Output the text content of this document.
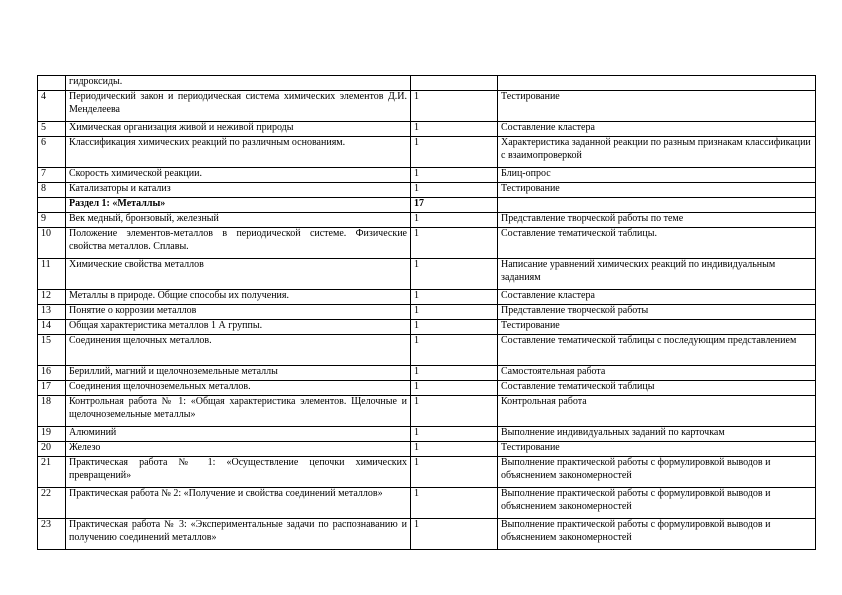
	гидроксиды.		
4	Периодический закон и периодическая система химических элементов Д.И. Менделеева	1	Тестирование
5	Химическая организация живой и неживой природы	1	Составление кластера
6	Классификация химических реакций по различным основаниям.	1	Характеристика заданной реакции по разным признакам классификации с взаимопроверкой
7	Скорость химической реакции.	1	Блиц-опрос
8	Катализаторы и катализ	1	Тестирование
	Раздел 1: «Металлы»	17	
9	Век медный, бронзовый, железный	1	Представление творческой работы по теме
10	Положение элементов-металлов в периодической системе. Физические свойства металлов. Сплавы.	1	Составление тематической таблицы.
11	Химические свойства металлов	1	Написание уравнений химических реакций по индивидуальным заданиям
12	Металлы в природе. Общие способы их получения.	1	Составление кластера
13	Понятие о коррозии металлов	1	Представление творческой работы
14	Общая характеристика металлов 1 А группы.	1	Тестирование
15	Соединения щелочных металлов.	1	Составление тематической таблицы с последующим представлением
16	Бериллий, магний и щелочноземельные металлы	1	Самостоятельная работа
17	Соединения щелочноземельных металлов.	1	Составление тематической таблицы
18	Контрольная работа № 1: «Общая характеристика элементов. Щелочные и щелочноземельные металлы»	1	Контрольная работа
19	Алюминий	1	Выполнение индивидуальных заданий по карточкам
20	Железо	1	Тестирование
21	Практическая работа № 1: «Осуществление цепочки химических превращений»	1	Выполнение практической работы с формулировкой выводов и объяснением закономерностей
22	Практическая работа № 2: «Получение и свойства соединений металлов»	1	Выполнение практической работы с формулировкой выводов и объяснением закономерностей
23	Практическая работа № 3: «Экспериментальные задачи по распознаванию и получению соединений металлов»	1	Выполнение практической работы с формулировкой выводов и объяснением закономерностей
